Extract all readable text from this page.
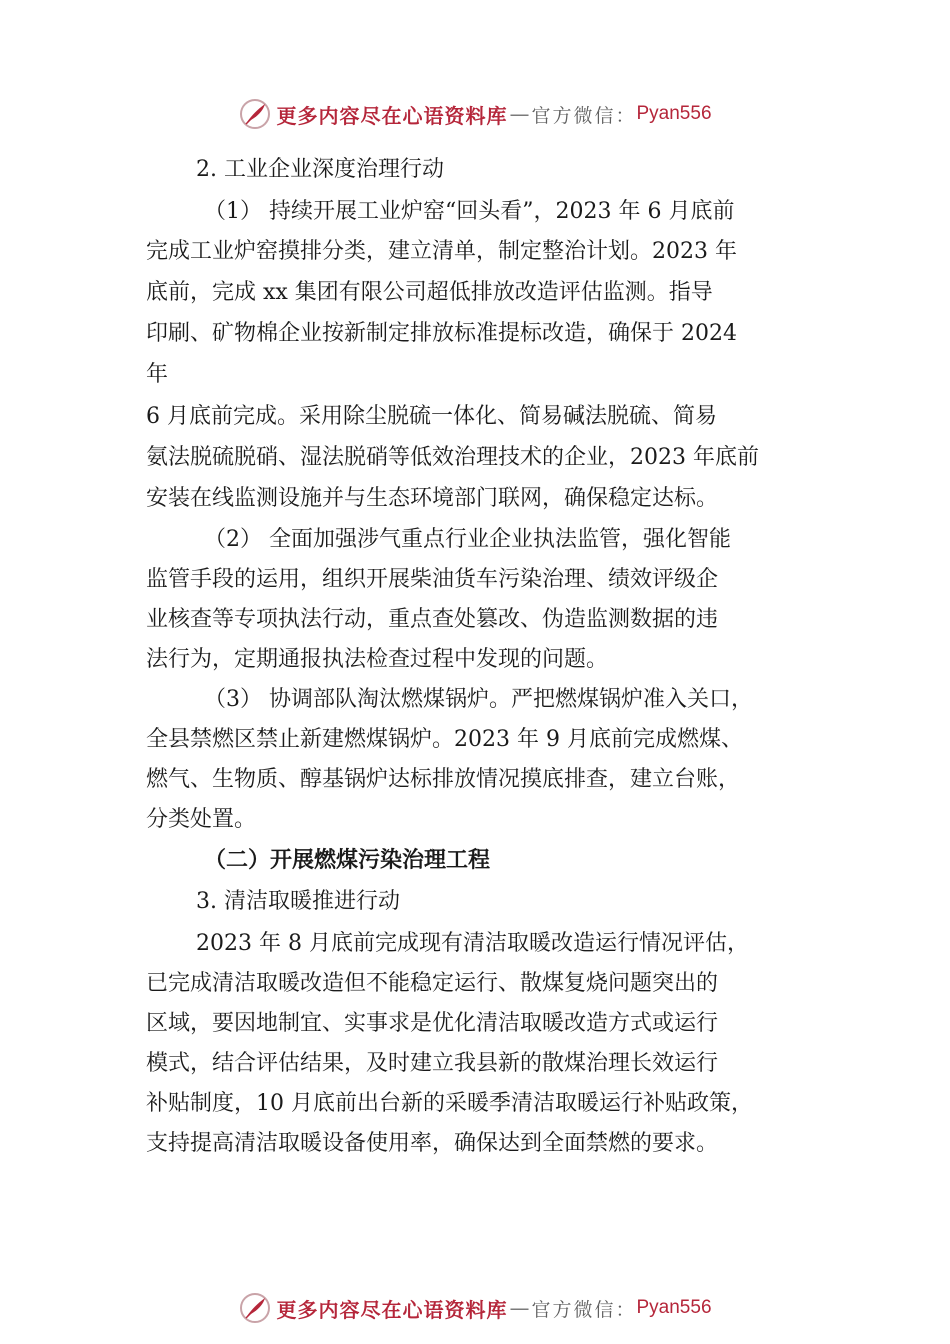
更多内容尽在心语资料库 — 官方微信： Pyan556
2. 工业企业深度治理行动
（1） 持续开展工业炉窑“回头看”，2023 年 6 月底前
完成工业炉窑摸排分类，建立清单，制定整治计划。2023 年
底前，完成 xx 集团有限公司超低排放改造评估监测。指导
印刷、矿物棉企业按新制定排放标准提标改造，确保于 2024
年
6 月底前完成。采用除尘脱硫一体化、简易碱法脱硫、简易
氨法脱硫脱硝、湿法脱硝等低效治理技术的企业，2023 年底前
安装在线监测设施并与生态环境部门联网，确保稳定达标。
（2） 全面加强涉气重点行业企业执法监管，强化智能
监管手段的运用，组织开展柴油货车污染治理、绩效评级企
业核查等专项执法行动，重点查处篡改、伪造监测数据的违
法行为，定期通报执法检查过程中发现的问题。
（3） 协调部队淘汰燃煤锅炉。严把燃煤锅炉准入关口，
全县禁燃区禁止新建燃煤锅炉。2023 年 9 月底前完成燃煤、
燃气、生物质、醇基锅炉达标排放情况摸底排查，建立台账，
分类处置。
（二）开展燃煤污染治理工程
3. 清洁取暖推进行动
2023 年 8 月底前完成现有清洁取暖改造运行情况评估，
已完成清洁取暖改造但不能稳定运行、散煤复烧问题突出的
区域，要因地制宜、实事求是优化清洁取暖改造方式或运行
模式，结合评估结果，及时建立我县新的散煤治理长效运行
补贴制度，10 月底前出台新的采暖季清洁取暖运行补贴政策，
支持提高清洁取暖设备使用率，确保达到全面禁燃的要求。
更多内容尽在心语资料库 — 官方微信： Pyan556
